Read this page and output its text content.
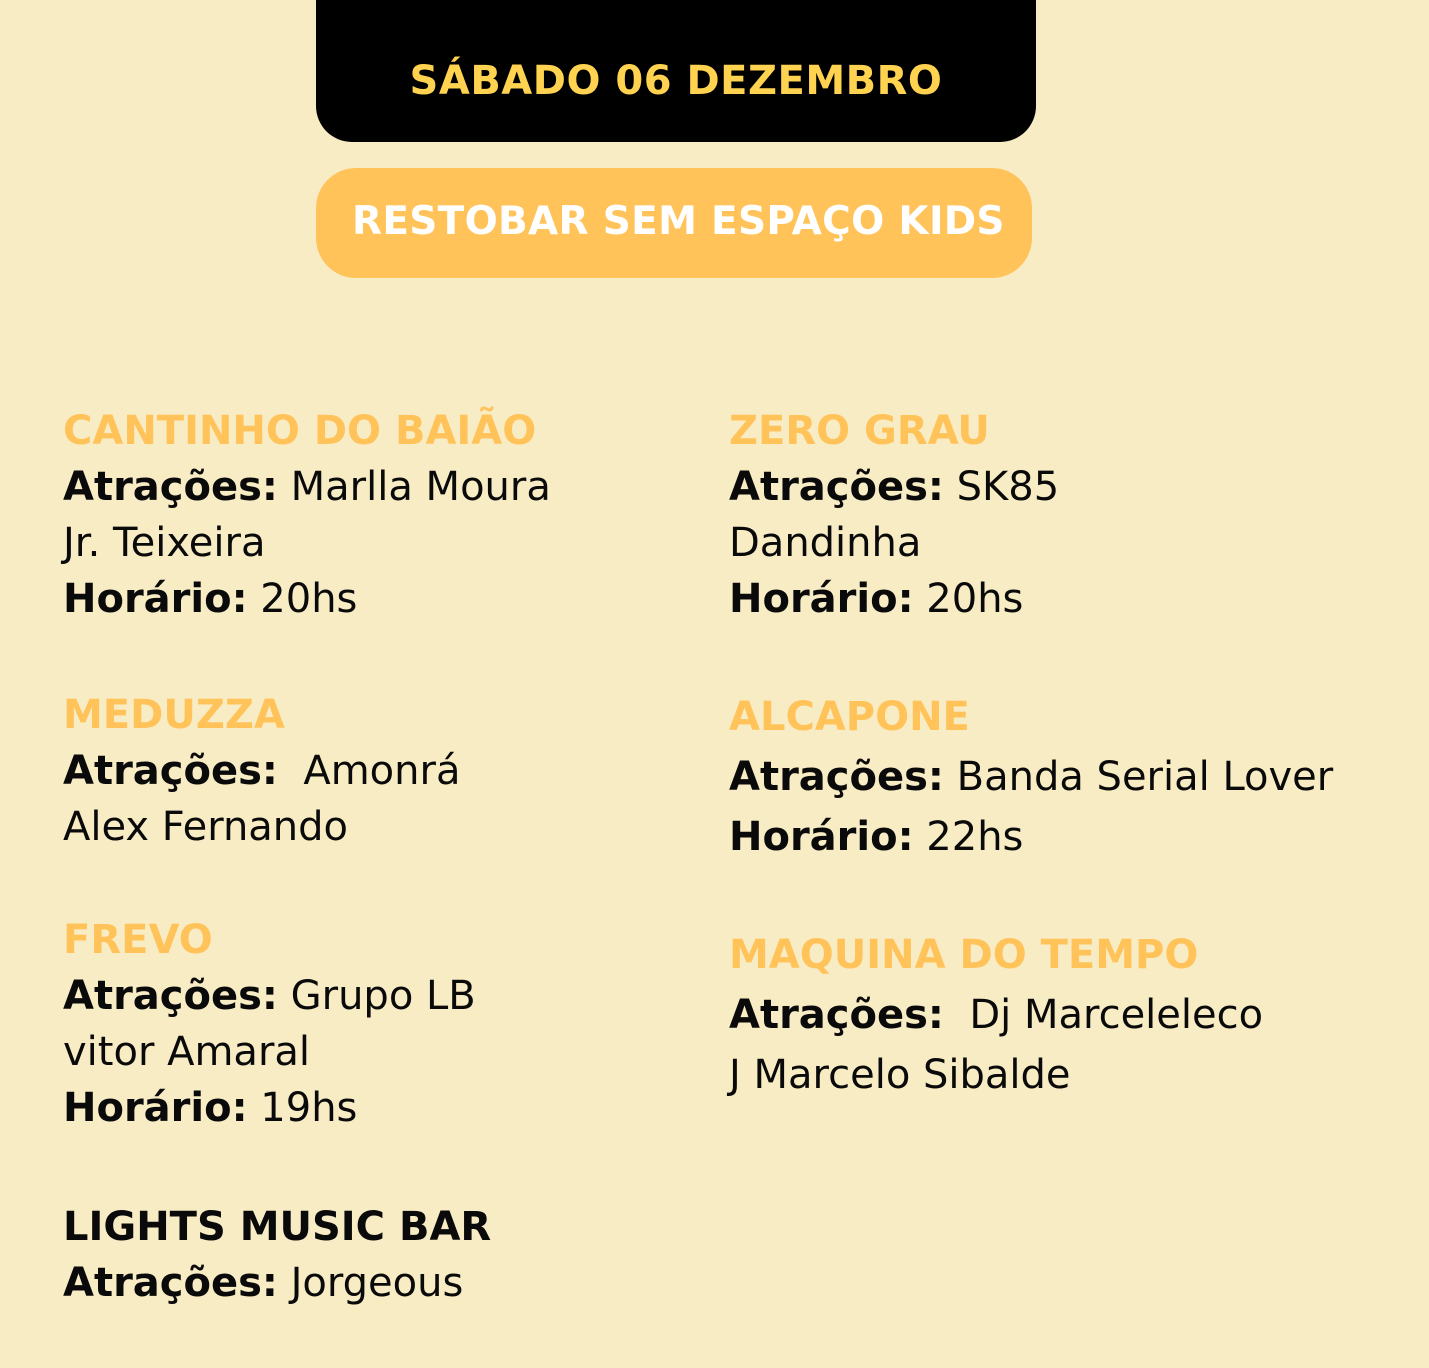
SÁBADO 06 DEZEMBRO
RESTOBAR SEM ESPAÇO KIDS
CANTINHO DO BAIÃO
Atrações: Marlla Moura
Jr. Teixeira
Horário: 20hs
MEDUZZA
Atrações:  Amonrá
Alex Fernando
FREVO
Atrações: Grupo LB
vitor Amaral
Horário: 19hs
LIGHTS MUSIC BAR
Atrações: Jorgeous
ZERO GRAU
Atrações: SK85
Dandinha
Horário: 20hs
ALCAPONE
Atrações: Banda Serial Lover
Horário: 22hs
MAQUINA DO TEMPO
Atrações:  Dj Marceleleco
J Marcelo Sibalde
